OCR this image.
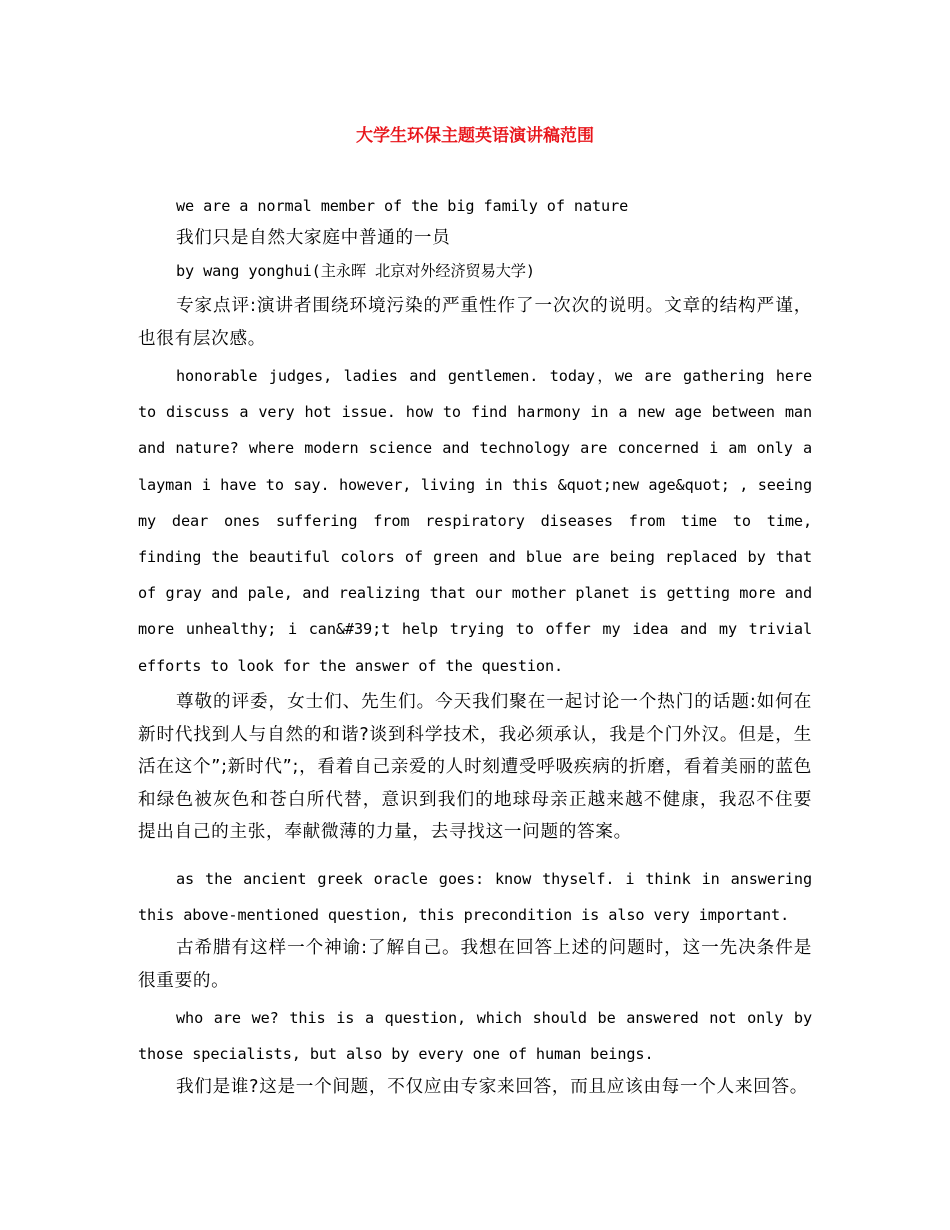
大学生环保主题英语演讲稿范围

we are a normal member of the big family of nature

我们只是自然大家庭中普通的一员

by wang yonghui(主永晖 北京对外经济贸易大学)

专家点评:演讲者围绕环境污染的严重性作了一次次的说明。文章的结构严谨，也很有层次感。

honorable judges, ladies and gentlemen. today，we are gathering here to discuss a very hot issue. how to find harmony in a new age between man and nature? where modern science and technology are concerned i am only a layman i have to say. however, living in this &quot;new age&quot; , seeing my dear ones suffering from respiratory diseases from time to time, finding the beautiful colors of green and blue are being replaced by that of gray and pale, and realizing that our mother planet is getting more and more unhealthy; i can&#39;t help trying to offer my idea and my trivial efforts to look for the answer of the question.

尊敬的评委，女士们、先生们。今天我们聚在一起讨论一个热门的话题:如何在新时代找到人与自然的和谐?谈到科学技术，我必须承认，我是个门外汉。但是，生活在这个”;新时代”;，看着自己亲爱的人时刻遭受呼吸疾病的折磨，看着美丽的蓝色和绿色被灰色和苍白所代替，意识到我们的地球母亲正越来越不健康，我忍不住要提出自己的主张，奉献微薄的力量，去寻找这一问题的答案。

as the ancient greek oracle goes: know thyself. i think in answering this above-mentioned question, this precondition is also very important.

古希腊有这样一个神谕:了解自己。我想在回答上述的问题时，这一先决条件是很重要的。

who are we? this is a question, which should be answered not only by those specialists, but also by every one of human beings.

我们是谁?这是一个间题，不仅应由专家来回答，而且应该由每一个人来回答。
